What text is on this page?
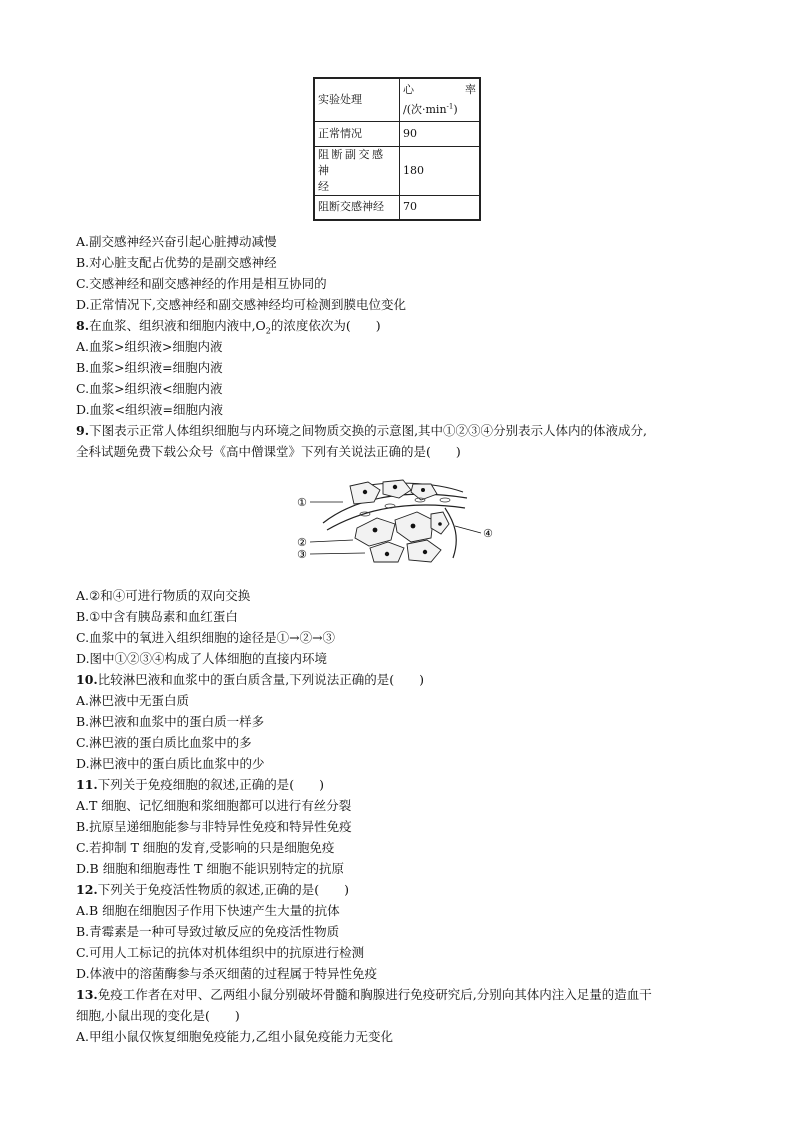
实验处理	心 率
/(次$\cdot\min^{-1}$)

正常情况	90

阻断副交感神
经	180
阻断交感神经	70
A.副交感神经兴奋引起心脏搏动减慢
B.对心脏支配占优势的是副交感神经
C.交感神经和副交感神经的作用是相互协同的
D.正常情况下,交感神经和副交感神经均可检测到膜电位变化
8.在血浆、组织液和细胞内液中$,O_2$的浓度依次为(　　)
A.血浆>组织液>细胞内液
B.血浆>组织液=细胞内液
C.血浆>组织液<细胞内液
D.血浆<组织液=细胞内液
9.下图表示正常人体组织细胞与内环境之间物质交换的示意图,其中①②③④分别表示人体内的体液成分,
全科试题免费下载公众号《高中僧课堂》下列有关说法正确的是(　　)
①
②
③
④
A.②和④可进行物质的双向交换
B.①中含有胰岛素和血红蛋白
C.血浆中的氧进入组织细胞的途径是①→②→③
D.图中①②③④构成了人体细胞的直接内环境
10.比较淋巴液和血浆中的蛋白质含量,下列说法正确的是(　　)
A.淋巴液中无蛋白质
B.淋巴液和血浆中的蛋白质一样多
C.淋巴液的蛋白质比血浆中的多
D.淋巴液中的蛋白质比血浆中的少
11.下列关于免疫细胞的叙述,正确的是(　　)
A.T 细胞、记忆细胞和浆细胞都可以进行有丝分裂
B.抗原呈递细胞能参与非特异性免疫和特异性免疫
C.若抑制 T 细胞的发育,受影响的只是细胞免疫
D.B 细胞和细胞毒性 T 细胞不能识别特定的抗原
12.下列关于免疫活性物质的叙述,正确的是(　　)
A.B 细胞在细胞因子作用下快速产生大量的抗体
B.青霉素是一种可导致过敏反应的免疫活性物质
C.可用人工标记的抗体对机体组织中的抗原进行检测
D.体液中的溶菌酶参与杀灭细菌的过程属于特异性免疫
13.免疫工作者在对甲、乙两组小鼠分别破坏骨髓和胸腺进行免疫研究后,分别向其体内注入足量的造血干
细胞,小鼠出现的变化是(　　)
A.甲组小鼠仅恢复细胞免疫能力,乙组小鼠免疫能力无变化
